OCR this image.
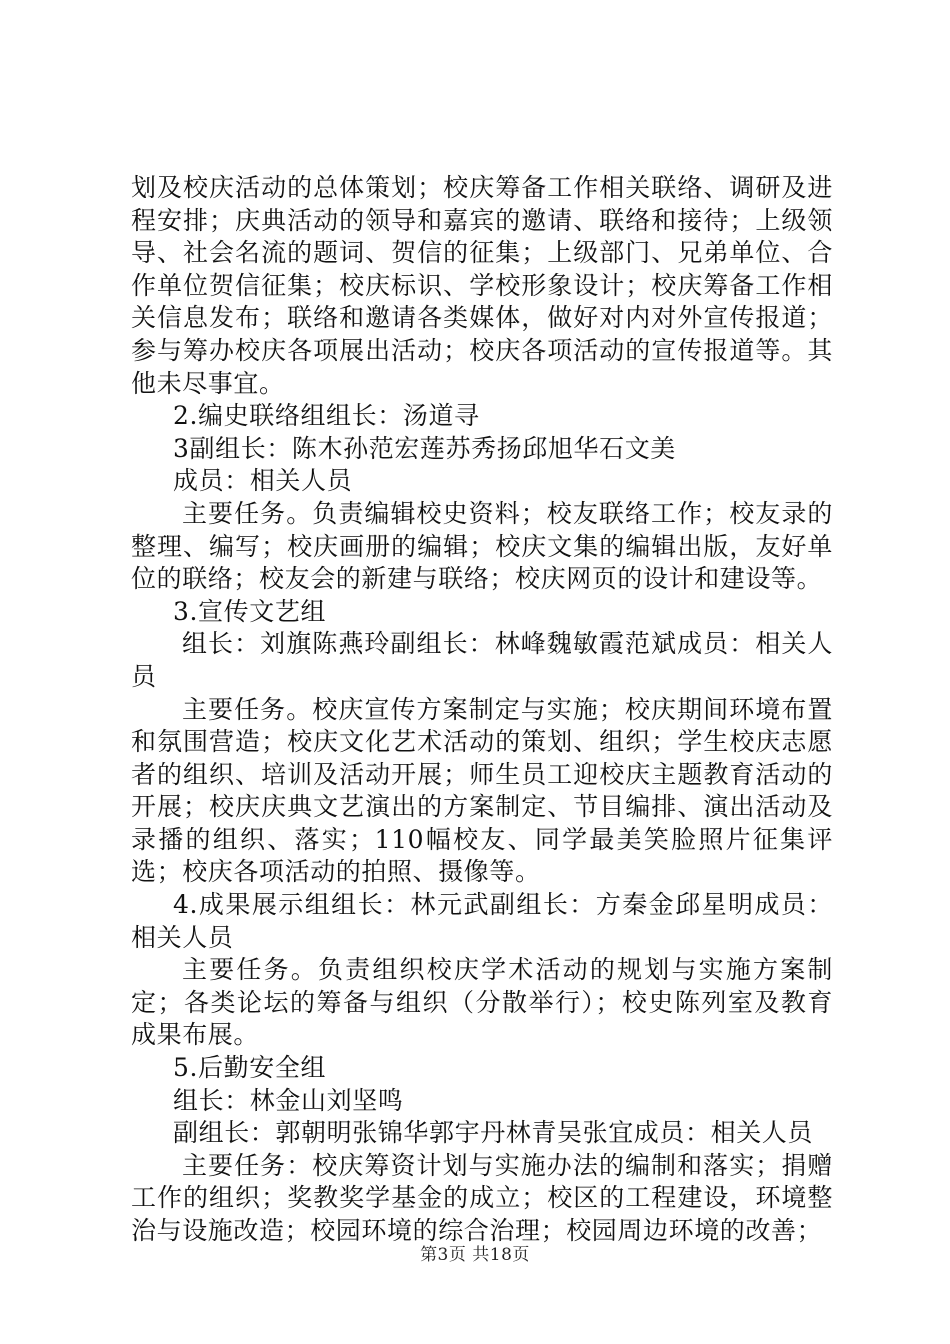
划及校庆活动的总体策划；校庆筹备工作相关联络、调研及进程安排；庆典活动的领导和嘉宾的邀请、联络和接待；上级领导、社会名流的题词、贺信的征集；上级部门、兄弟单位、合作单位贺信征集；校庆标识、学校形象设计；校庆筹备工作相关信息发布；联络和邀请各类媒体，做好对内对外宣传报道；参与筹办校庆各项展出活动；校庆各项活动的宣传报道等。其他未尽事宜。

2.编史联络组组长：汤道寻

3副组长：陈木孙范宏莲苏秀扬邱旭华石文美

成员：相关人员

主要任务。负责编辑校史资料；校友联络工作；校友录的整理、编写；校庆画册的编辑；校庆文集的编辑出版，友好单位的联络；校友会的新建与联络；校庆网页的设计和建设等。

3.宣传文艺组

组长：刘旗陈燕玲副组长：林峰魏敏霞范斌成员：相关人员

主要任务。校庆宣传方案制定与实施；校庆期间环境布置和氛围营造；校庆文化艺术活动的策划、组织；学生校庆志愿者的组织、培训及活动开展；师生员工迎校庆主题教育活动的开展；校庆庆典文艺演出的方案制定、节目编排、演出活动及录播的组织、落实；110幅校友、同学最美笑脸照片征集评选；校庆各项活动的拍照、摄像等。

4.成果展示组组长：林元武副组长：方秦金邱星明成员：相关人员

主要任务。负责组织校庆学术活动的规划与实施方案制定；各类论坛的筹备与组织（分散举行）；校史陈列室及教育成果布展。

5.后勤安全组

组长：林金山刘坚鸣

副组长：郭朝明张锦华郭宇丹林青吴张宜成员：相关人员

主要任务：校庆筹资计划与实施办法的编制和落实；捐赠工作的组织；奖教奖学基金的成立；校区的工程建设，环境整治与设施改造；校园环境的综合治理；校园周边环境的改善；

第3页 共18页
